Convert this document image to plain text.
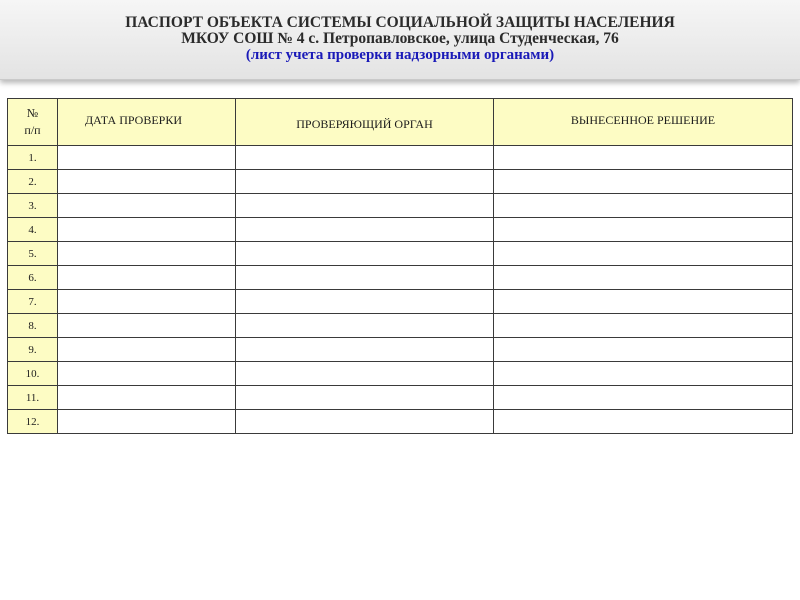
ПАСПОРТ ОБЪЕКТА СИСТЕМЫ СОЦИАЛЬНОЙ ЗАЩИТЫ НАСЕЛЕНИЯ
МКОУ СОШ № 4 с. Петропавловское, улица Студенческая, 76
(лист учета проверки надзорными органами)
№
п/п	ДАТА ПРОВЕРКИ	ПРОВЕРЯЮЩИЙ ОРГАН	ВЫНЕСЕННОЕ РЕШЕНИЕ
1.			
2.			
3.			
4.			
5.			
6.			
7.			
8.			
9.			
10.			
11.			
12.			
